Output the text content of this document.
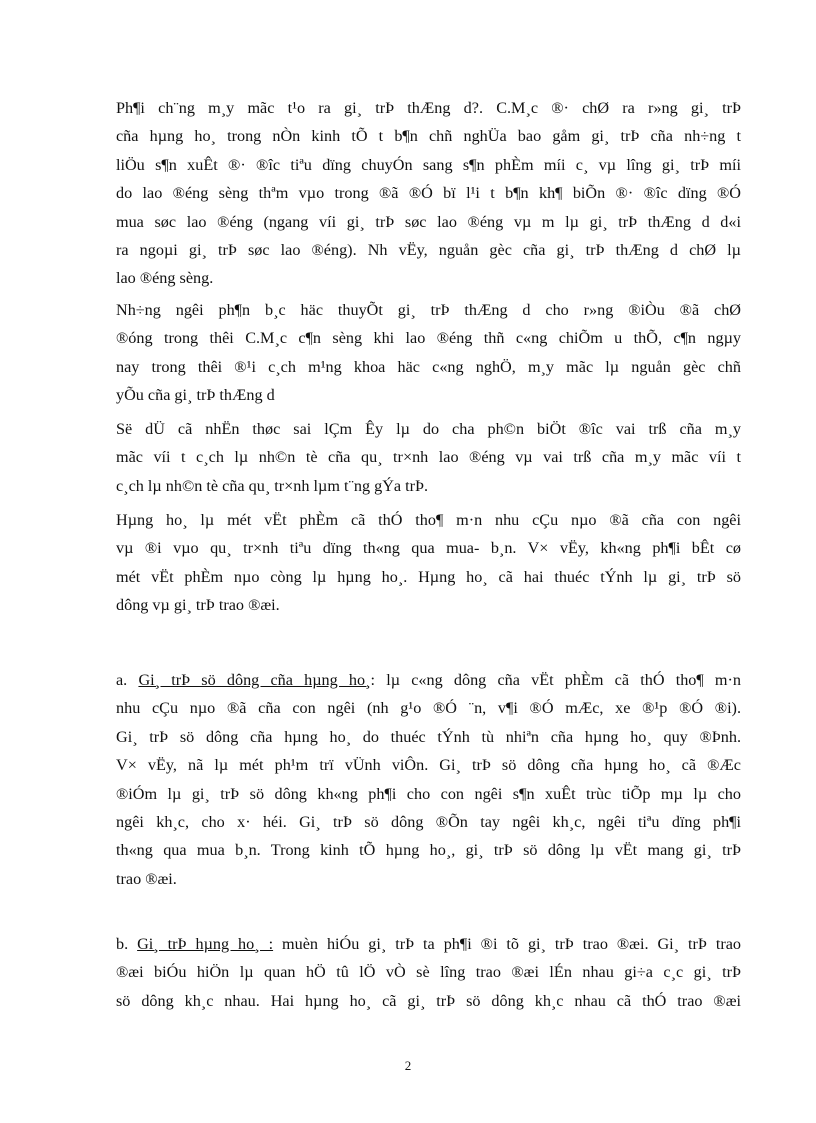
Ph¶i ch¨ng m¸y mãc t¹o ra gi¸ trÞ thÆng d?. C.M¸c ®· chØ ra r»ng gi¸ trÞ
cña hµng ho¸ trong nÒn kinh tÕ t b¶n chñ nghÜa bao gåm gi¸ trÞ cña nh÷ng t
liÖu s¶n xuÊt ®· ®îc tiªu dïng chuyÓn sang s¶n phÈm míi c¸ vµ lîng gi¸ trÞ míi
do lao ®éng sèng thªm vµo trong ®ã ®Ó bï l¹i t b¶n kh¶ biÕn ®· ®îc dïng ®Ó
mua søc lao ®éng (ngang víi gi¸ trÞ søc lao ®éng vµ m lµ gi¸ trÞ thÆng d d«i
ra ngoµi gi¸ trÞ søc lao ®éng). Nh vËy, nguån gèc cña gi¸ trÞ thÆng d chØ lµ
lao ®éng sèng.
Nh÷ng ngêi ph¶n b¸c häc thuyÕt gi¸ trÞ thÆng d cho r»ng ®iÒu ®ã chØ
®óng trong thêi C.M¸c c¶n sèng khi lao ®éng thñ c«ng chiÕm u thÕ, c¶n ngµy
nay trong thêi ®¹i c¸ch m¹ng khoa häc c«ng nghÖ, m¸y mãc lµ nguån gèc chñ
yÕu cña gi¸ trÞ thÆng d
Së dÜ cã nhËn thøc sai lÇm Êy lµ do cha ph©n biÖt ®îc vai trß cña m¸y
mãc víi t c¸ch lµ nh©n tè cña qu¸ tr×nh lao ®éng vµ vai trß cña m¸y mãc víi t
c¸ch lµ nh©n tè cña qu¸ tr×nh lµm t¨ng gÝa trÞ.
Hµng ho¸ lµ mét vËt phÈm cã thÓ tho¶ m·n nhu cÇu nµo ®ã cña con ngêi
vµ ®i vµo qu¸ tr×nh tiªu dïng th«ng qua mua- b¸n. V× vËy, kh«ng ph¶i bÊt cø
mét vËt phÈm nµo còng lµ hµng ho¸. Hµng ho¸ cã hai thuéc tÝnh lµ gi¸ trÞ sö
dông vµ gi¸ trÞ trao ®æi.
a. Gi¸ trÞ sö dông cña hµng ho¸: lµ c«ng dông cña vËt phÈm cã thÓ tho¶ m·n
nhu cÇu nµo ®ã cña con ngêi (nh g¹o ®Ó ¨n, v¶i ®Ó mÆc, xe ®¹p ®Ó ®i).
Gi¸ trÞ sö dông cña hµng ho¸ do thuéc tÝnh tù nhiªn cña hµng ho¸ quy ®Þnh.
V× vËy, nã lµ mét ph¹m trï vÜnh viÔn. Gi¸ trÞ sö dông cña hµng ho¸ cã ®Æc
®iÓm lµ gi¸ trÞ sö dông kh«ng ph¶i cho con ngêi s¶n xuÊt trùc tiÕp mµ lµ cho
ngêi kh¸c, cho x· héi. Gi¸ trÞ sö dông ®Õn tay ngêi kh¸c, ngêi tiªu dïng ph¶i
th«ng qua mua b¸n. Trong kinh tÕ hµng ho¸, gi¸ trÞ sö dông lµ vËt mang gi¸ trÞ
trao ®æi.
b. Gi¸ trÞ hµng ho¸ : muèn hiÓu gi¸ trÞ ta ph¶i ®i tõ gi¸ trÞ trao ®æi. Gi¸ trÞ trao
®æi biÓu hiÖn lµ quan hÖ tû lÖ vÒ sè lîng trao ®æi lÉn nhau gi÷a c¸c gi¸ trÞ
sö dông kh¸c nhau. Hai hµng ho¸ cã gi¸ trÞ sö dông kh¸c nhau cã thÓ trao ®æi
2
